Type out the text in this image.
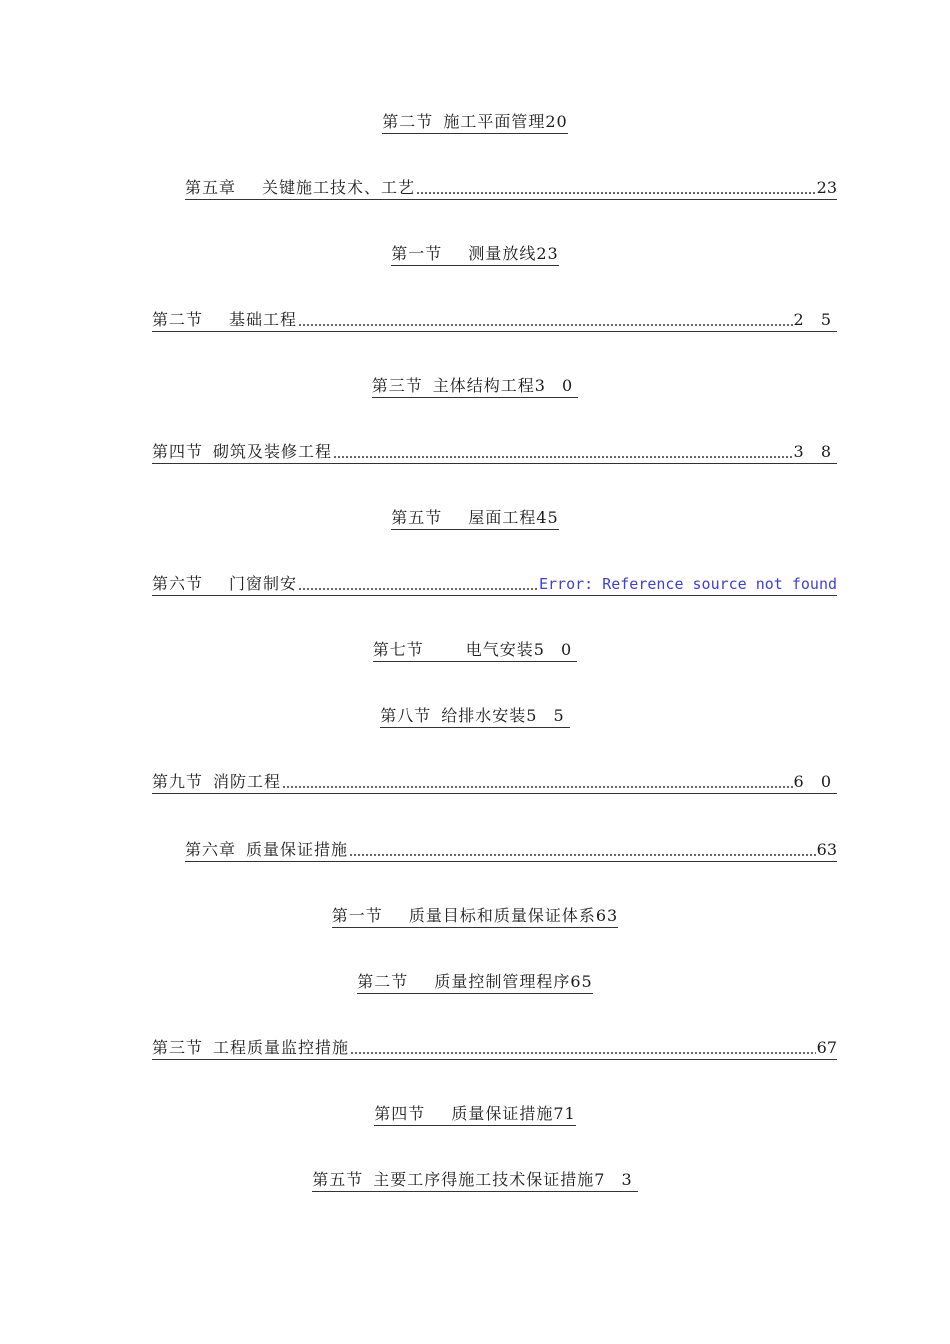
第二节 施工平面管理20
第五章 关键施工技术、工艺	23
第一节 测量放线23
第二节 基础工程	2 5
第三节 主体结构工程3 0
第四节 砌筑及装修工程	3 8
第五节 屋面工程45
第六节 门窗制安	Error: Reference source not found
第七节	电气安装5 0
第八节 给排水安装5 5
第九节 消防工程	6 0
第六章 质量保证措施	63
第一节 质量目标和质量保证体系63
第二节 质量控制管理程序65
第三节 工程质量监控措施	67
第四节 质量保证措施71
第五节 主要工序得施工技术保证措施7 3
